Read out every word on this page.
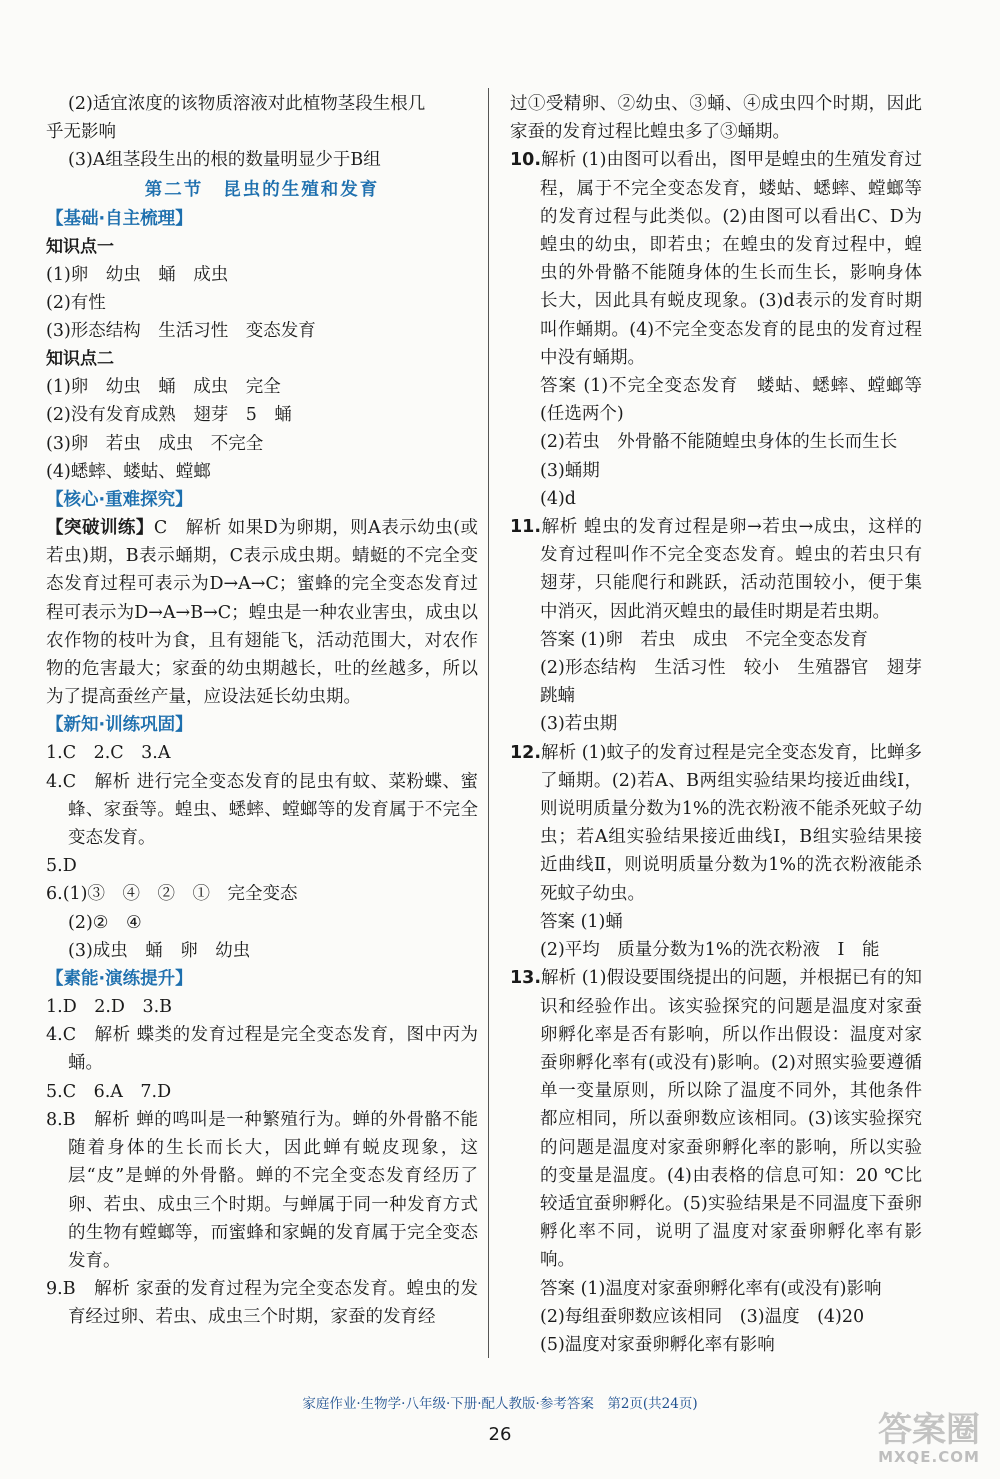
(2)适宜浓度的该物质溶液对此植物茎段生根几

乎无影响

(3)A组茎段生出的根的数量明显少于B组

第二节 昆虫的生殖和发育

【基础·自主梳理】

知识点一

(1)卵　幼虫　蛹　成虫

(2)有性

(3)形态结构　生活习性　变态发育

知识点二

(1)卵　幼虫　蛹　成虫　完全

(2)没有发育成熟　翅芽　5　蛹

(3)卵　若虫　成虫　不完全

(4)蟋蟀、蝼蛄、螳螂

【核心·重难探究】

【突破训练】C　解析 如果D为卵期，则A表示幼虫(或若虫)期，B表示蛹期，C表示成虫期。蜻蜓的不完全变态发育过程可表示为D→A→C；蜜蜂的完全变态发育过程可表示为D→A→B→C；蝗虫是一种农业害虫，成虫以农作物的枝叶为食，且有翅能飞，活动范围大，对农作物的危害最大；家蚕的幼虫期越长，吐的丝越多，所以为了提高蚕丝产量，应设法延长幼虫期。

【新知·训练巩固】

1.C　2.C　3.A

4.C　解析 进行完全变态发育的昆虫有蚊、菜粉蝶、蜜蜂、家蚕等。蝗虫、蟋蟀、螳螂等的发育属于不完全变态发育。

5.D

6.(1)③　④　②　①　完全变态

(2)②　④

(3)成虫　蛹　卵　幼虫

【素能·演练提升】

1.D　2.D　3.B

4.C　解析 蝶类的发育过程是完全变态发育，图中丙为蛹。

5.C　6.A　7.D

8.B　解析 蝉的鸣叫是一种繁殖行为。蝉的外骨骼不能随着身体的生长而长大，因此蝉有蜕皮现象，这层“皮”是蝉的外骨骼。蝉的不完全变态发育经历了卵、若虫、成虫三个时期。与蝉属于同一种发育方式的生物有螳螂等，而蜜蜂和家蝇的发育属于完全变态发育。

9.B　解析 家蚕的发育过程为完全变态发育。蝗虫的发育经过卵、若虫、成虫三个时期，家蚕的发育经

过①受精卵、②幼虫、③蛹、④成虫四个时期，因此家蚕的发育过程比蝗虫多了③蛹期。

10.解析 (1)由图可以看出，图甲是蝗虫的生殖发育过程，属于不完全变态发育，蝼蛄、蟋蟀、螳螂等的发育过程与此类似。(2)由图可以看出C、D为蝗虫的幼虫，即若虫；在蝗虫的发育过程中，蝗虫的外骨骼不能随身体的生长而生长，影响身体长大，因此具有蜕皮现象。(3)d表示的发育时期叫作蛹期。(4)不完全变态发育的昆虫的发育过程中没有蛹期。

答案 (1)不完全变态发育　蝼蛄、蟋蟀、螳螂等(任选两个)

(2)若虫　外骨骼不能随蝗虫身体的生长而生长

(3)蛹期

(4)d

11.解析 蝗虫的发育过程是卵→若虫→成虫，这样的发育过程叫作不完全变态发育。蝗虫的若虫只有翅芽，只能爬行和跳跃，活动范围较小，便于集中消灭，因此消灭蝗虫的最佳时期是若虫期。

答案 (1)卵　若虫　成虫　不完全变态发育

(2)形态结构　生活习性　较小　生殖器官　翅芽　跳蝻

(3)若虫期

12.解析 (1)蚊子的发育过程是完全变态发育，比蝉多了蛹期。(2)若A、B两组实验结果均接近曲线Ⅰ，则说明质量分数为1%的洗衣粉液不能杀死蚊子幼虫；若A组实验结果接近曲线Ⅰ，B组实验结果接近曲线Ⅱ，则说明质量分数为1%的洗衣粉液能杀死蚊子幼虫。

答案 (1)蛹

(2)平均　质量分数为1%的洗衣粉液　Ⅰ　能

13.解析 (1)假设要围绕提出的问题，并根据已有的知识和经验作出。该实验探究的问题是温度对家蚕卵孵化率是否有影响，所以作出假设：温度对家蚕卵孵化率有(或没有)影响。(2)对照实验要遵循单一变量原则，所以除了温度不同外，其他条件都应相同，所以蚕卵数应该相同。(3)该实验探究的问题是温度对家蚕卵孵化率的影响，所以实验的变量是温度。(4)由表格的信息可知：20 ℃比较适宜蚕卵孵化。(5)实验结果是不同温度下蚕卵孵化率不同，说明了温度对家蚕卵孵化率有影响。

答案 (1)温度对家蚕卵孵化率有(或没有)影响

(2)每组蚕卵数应该相同　(3)温度　(4)20

(5)温度对家蚕卵孵化率有影响

家庭作业·生物学·八年级·下册·配人教版·参考答案　第2页(共24页)
26	答案圈
MXQE.COM
